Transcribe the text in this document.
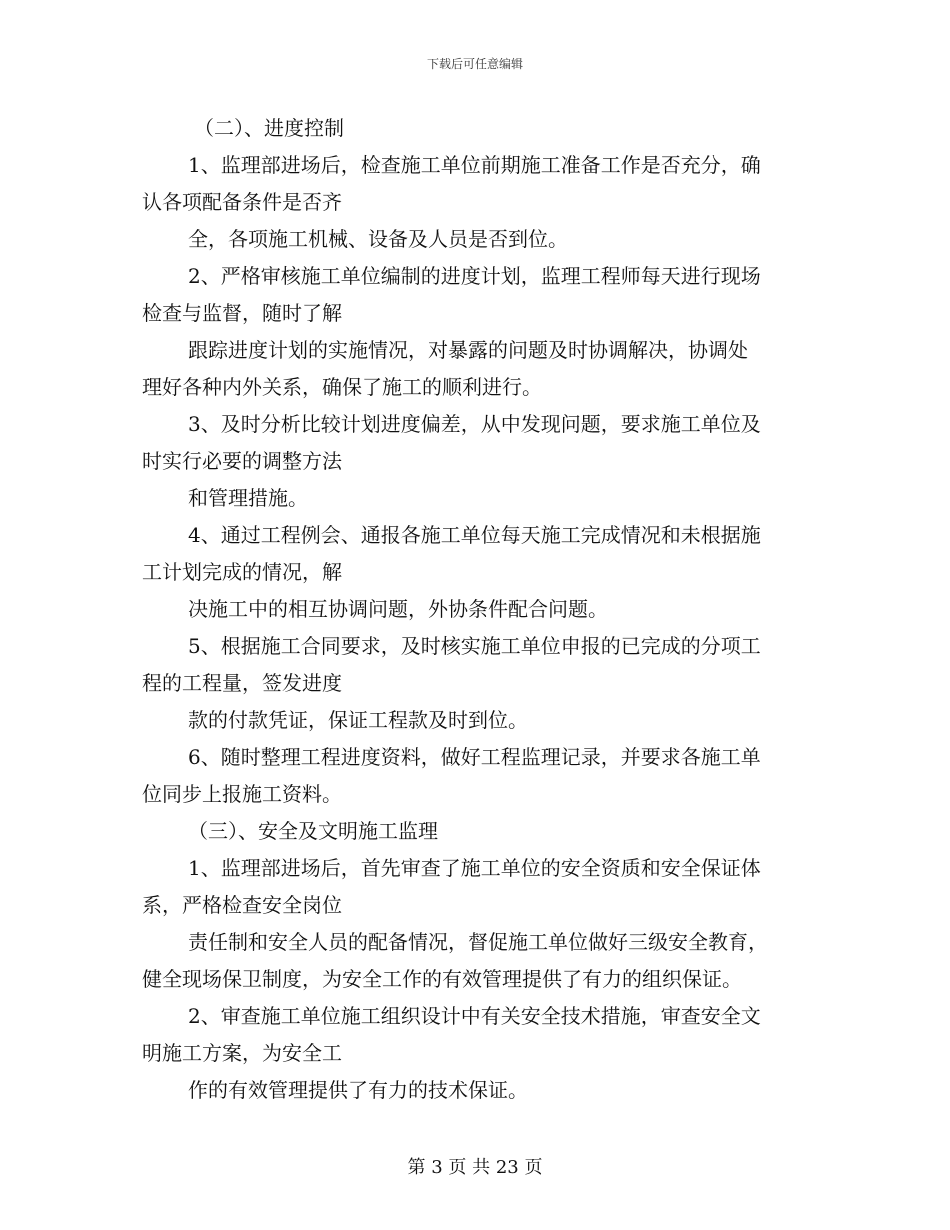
下载后可任意编辑

（二）、进度控制

1、监理部进场后，检查施工单位前期施工准备工作是否充分，确

认各项配备条件是否齐

全，各项施工机械、设备及人员是否到位。

2、严格审核施工单位编制的进度计划，监理工程师每天进行现场

检查与监督，随时了解

跟踪进度计划的实施情况，对暴露的问题及时协调解决，协调处

理好各种内外关系，确保了施工的顺利进行。

3、及时分析比较计划进度偏差，从中发现问题，要求施工单位及

时实行必要的调整方法

和管理措施。

4、通过工程例会、通报各施工单位每天施工完成情况和未根据施

工计划完成的情况，解

决施工中的相互协调问题，外协条件配合问题。

5、根据施工合同要求，及时核实施工单位申报的已完成的分项工

程的工程量，签发进度

款的付款凭证，保证工程款及时到位。

6、随时整理工程进度资料，做好工程监理记录，并要求各施工单

位同步上报施工资料。

（三）、安全及文明施工监理

1、监理部进场后，首先审查了施工单位的安全资质和安全保证体

系，严格检查安全岗位

责任制和安全人员的配备情况，督促施工单位做好三级安全教育，

健全现场保卫制度，为安全工作的有效管理提供了有力的组织保证。

2、审查施工单位施工组织设计中有关安全技术措施，审查安全文

明施工方案，为安全工

作的有效管理提供了有力的技术保证。

第 3 页 共 23 页
